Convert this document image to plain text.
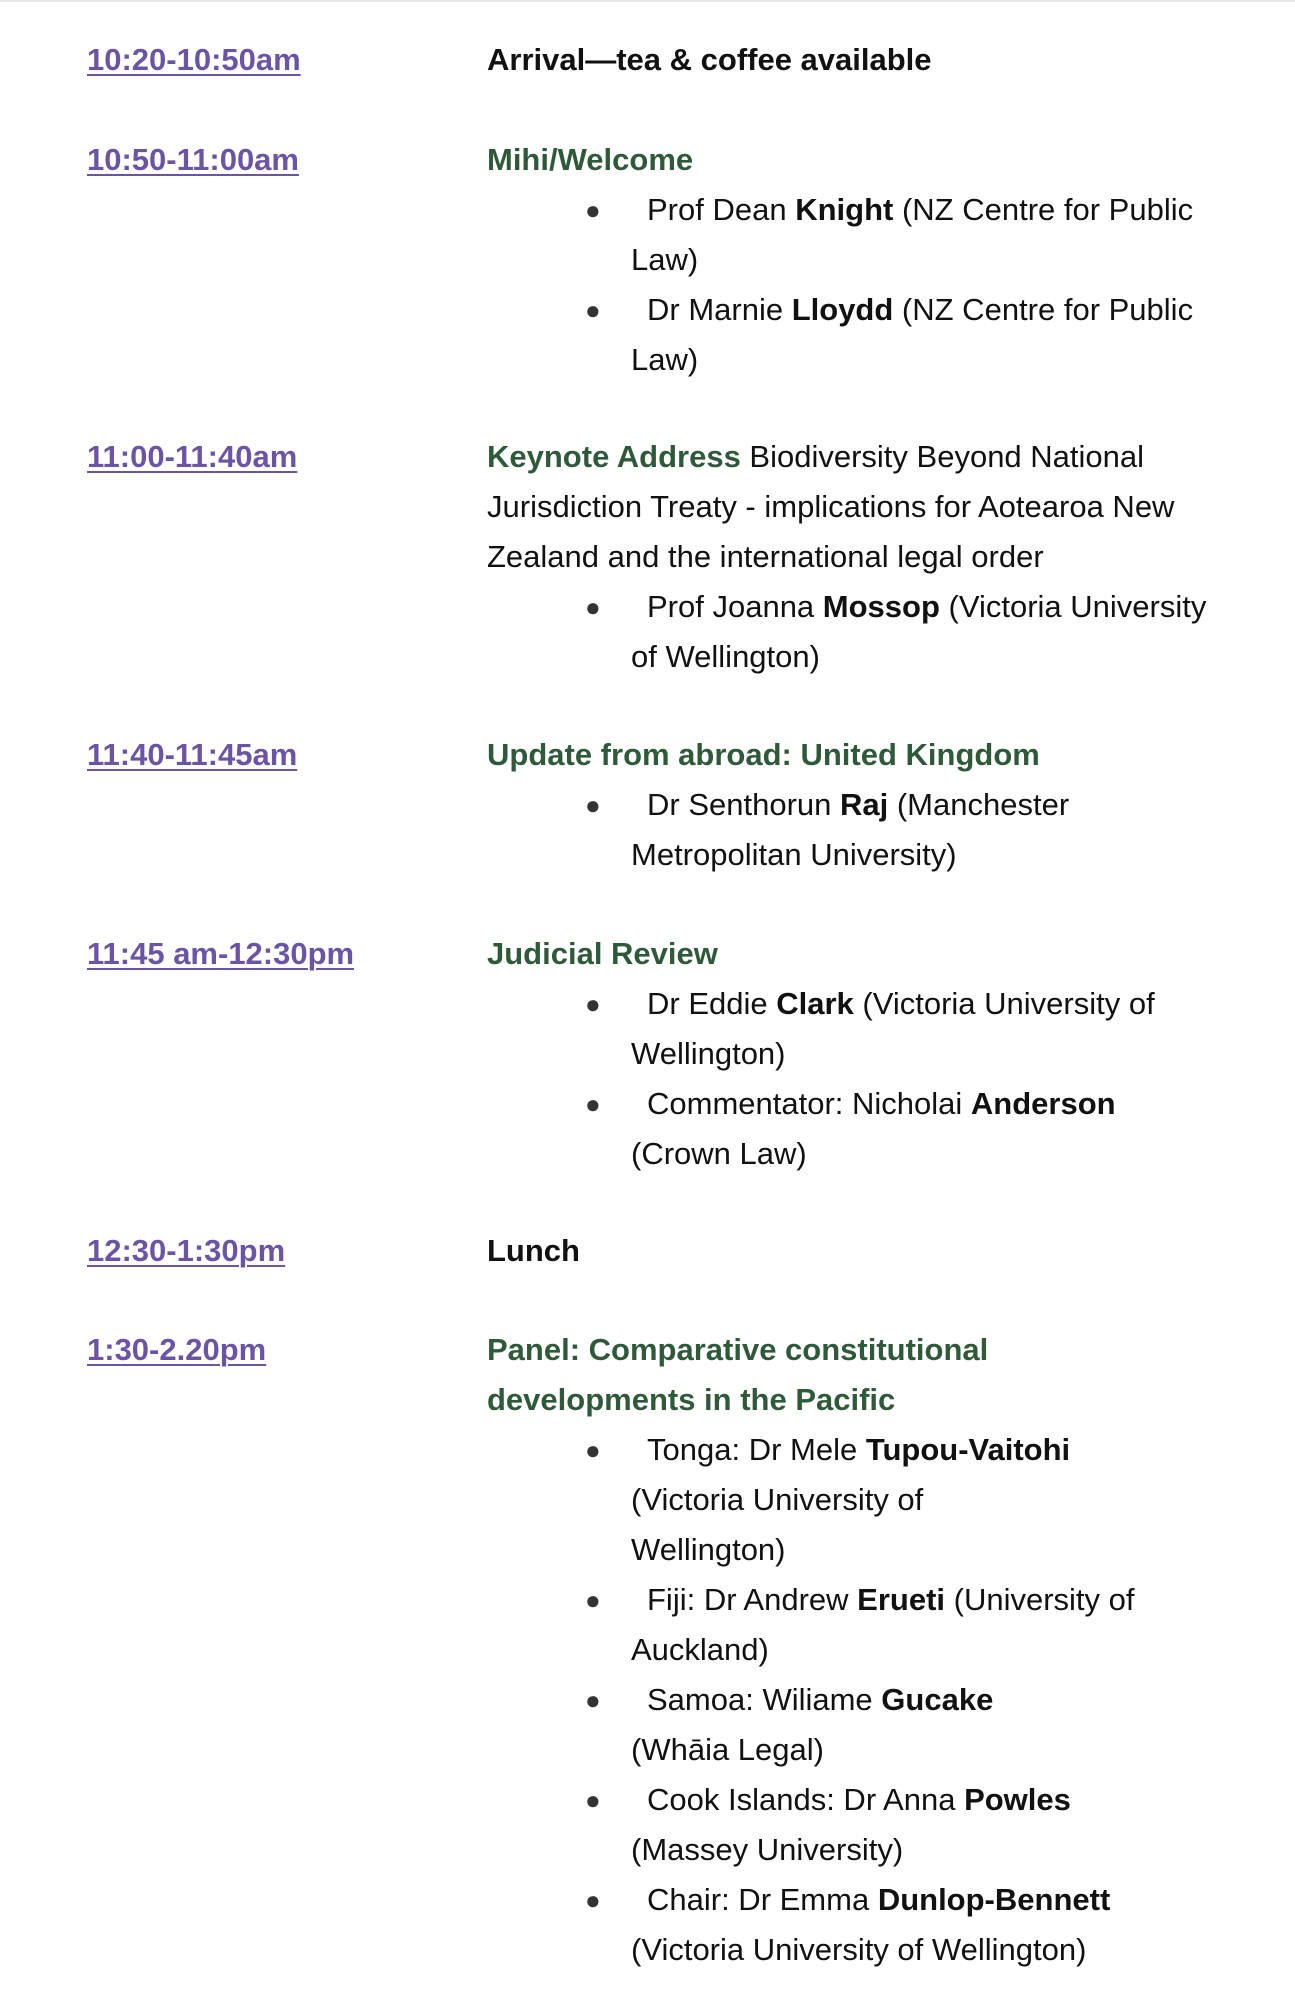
10:20-10:50am	Arrival—tea & coffee available
10:50-11:00am	Mihi/Welcome
●	Prof Dean Knight (NZ Centre for Public Law)
●	Dr Marnie Lloydd (NZ Centre for Public Law)
11:00-11:40am	Keynote Address Biodiversity Beyond National Jurisdiction Treaty - implications for Aotearoa New Zealand and the international legal order
●	Prof Joanna Mossop (Victoria University of Wellington)
11:40-11:45am	Update from abroad: United Kingdom
●	Dr Senthorun Raj (Manchester Metropolitan University)
11:45 am-12:30pm	Judicial Review
●	Dr Eddie Clark (Victoria University of Wellington)
●	Commentator: Nicholai Anderson (Crown Law)
12:30-1:30pm	Lunch
1:30-2.20pm	Panel: Comparative constitutional developments in the Pacific
●	Tonga: Dr Mele Tupou-Vaitohi (Victoria University of Wellington)
●	Fiji: Dr Andrew Erueti (University of Auckland)
●	Samoa: Wiliame Gucake (Whāia Legal)
●	Cook Islands: Dr Anna Powles (Massey University)
●	Chair: Dr Emma Dunlop-Bennett (Victoria University of Wellington)
